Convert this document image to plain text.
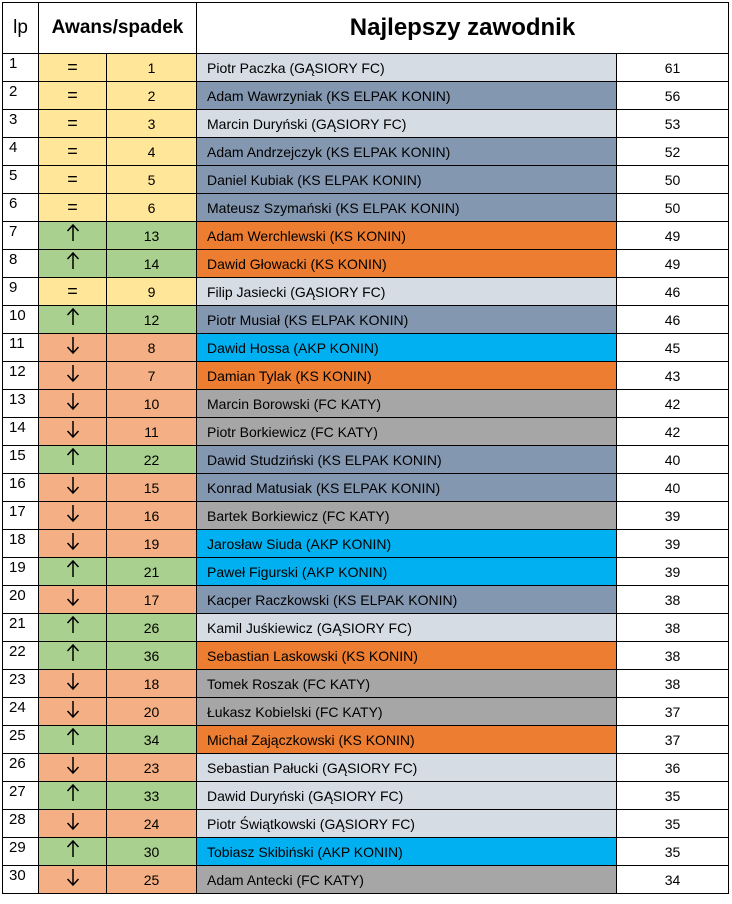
lp	Awans/spadek		Najlepszy zawodnik	
1	=	1	Piotr Paczka (GĄSIORY FC)	61
2	=	2	Adam Wawrzyniak (KS ELPAK KONIN)	56
3	=	3	Marcin Duryński (GĄSIORY FC)	53
4	=	4	Adam Andrzejczyk (KS ELPAK KONIN)	52
5	=	5	Daniel Kubiak (KS ELPAK KONIN)	50
6	=	6	Mateusz Szymański (KS ELPAK KONIN)	50
7		13	Adam Werchlewski (KS KONIN)	49
8		14	Dawid Głowacki (KS KONIN)	49
9	=	9	Filip Jasiecki (GĄSIORY FC)	46
10		12	Piotr Musiał (KS ELPAK KONIN)	46
11		8	Dawid Hossa (AKP KONIN)	45
12		7	Damian Tylak (KS KONIN)	43
13		10	Marcin Borowski (FC KATY)	42
14		11	Piotr Borkiewicz (FC KATY)	42
15		22	Dawid Studziński (KS ELPAK KONIN)	40
16		15	Konrad Matusiak (KS ELPAK KONIN)	40
17		16	Bartek Borkiewicz (FC KATY)	39
18		19	Jarosław Siuda (AKP KONIN)	39
19		21	Paweł Figurski (AKP KONIN)	39
20		17	Kacper Raczkowski (KS ELPAK KONIN)	38
21		26	Kamil Juśkiewicz (GĄSIORY FC)	38
22		36	Sebastian Laskowski (KS KONIN)	38
23		18	Tomek Roszak (FC KATY)	38
24		20	Łukasz Kobielski (FC KATY)	37
25		34	Michał Zajączkowski (KS KONIN)	37
26		23	Sebastian Pałucki (GĄSIORY FC)	36
27		33	Dawid Duryński (GĄSIORY FC)	35
28		24	Piotr Świątkowski (GĄSIORY FC)	35
29		30	Tobiasz Skibiński (AKP KONIN)	35
30		25	Adam Antecki (FC KATY)	34
